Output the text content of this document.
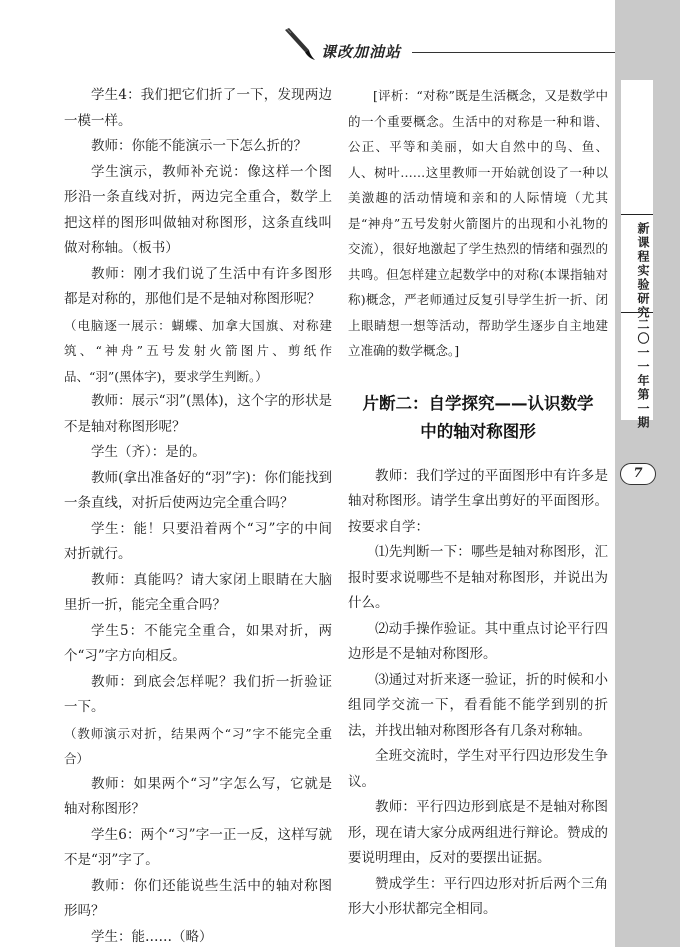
课改加油站
新课程实验研究
二〇一一年第一期
7

学生4：我们把它们折了一下，发现两边一模一样。

教师：你能不能演示一下怎么折的？

学生演示，教师补充说：像这样一个图形沿一条直线对折，两边完全重合，数学上把这样的图形叫做轴对称图形，这条直线叫做对称轴。（板书）

教师：刚才我们说了生活中有许多图形都是对称的，那他们是不是轴对称图形呢？

（电脑逐一展示：蝴蝶、加拿大国旗、对称建筑、“神舟”五号发射火箭图片、剪纸作品、“羽”(黑体字)，要求学生判断。）

教师：展示“羽”(黑体)，这个字的形状是不是轴对称图形呢？

学生（齐）：是的。

教师(拿出准备好的“羽”字)：你们能找到一条直线，对折后使两边完全重合吗？

学生：能！只要沿着两个“习”字的中间对折就行。

教师：真能吗？请大家闭上眼睛在大脑里折一折，能完全重合吗？

学生5：不能完全重合，如果对折，两个“习”字方向相反。

教师：到底会怎样呢？我们折一折验证一下。

（教师演示对折，结果两个“习”字不能完全重合）

教师：如果两个“习”字怎么写，它就是轴对称图形？

学生6：两个“习”字一正一反，这样写就不是“羽”字了。

教师：你们还能说些生活中的轴对称图形吗？

学生：能……（略）

[评析：“对称”既是生活概念，又是数学中的一个重要概念。生活中的对称是一种和谐、公正、平等和美丽，如大自然中的鸟、鱼、人、树叶……这里教师一开始就创设了一种以美激趣的活动情境和亲和的人际情境（尤其是“神舟”五号发射火箭图片的出现和小礼物的交流），很好地激起了学生热烈的情绪和强烈的共鸣。但怎样建立起数学中的对称(本课指轴对称)概念，严老师通过反复引导学生折一折、闭上眼睛想一想等活动，帮助学生逐步自主地建立准确的数学概念。]

片断二：自学探究——认识数学
中的轴对称图形

教师：我们学过的平面图形中有许多是轴对称图形。请学生拿出剪好的平面图形。按要求自学：

⑴先判断一下：哪些是轴对称图形，汇报时要求说哪些不是轴对称图形，并说出为什么。

⑵动手操作验证。其中重点讨论平行四边形是不是轴对称图形。

⑶通过对折来逐一验证，折的时候和小组同学交流一下，看看能不能学到别的折法，并找出轴对称图形各有几条对称轴。

全班交流时，学生对平行四边形发生争议。

教师：平行四边形到底是不是轴对称图形，现在请大家分成两组进行辩论。赞成的要说明理由，反对的要摆出证据。

赞成学生：平行四边形对折后两个三角形大小形状都完全相同。
